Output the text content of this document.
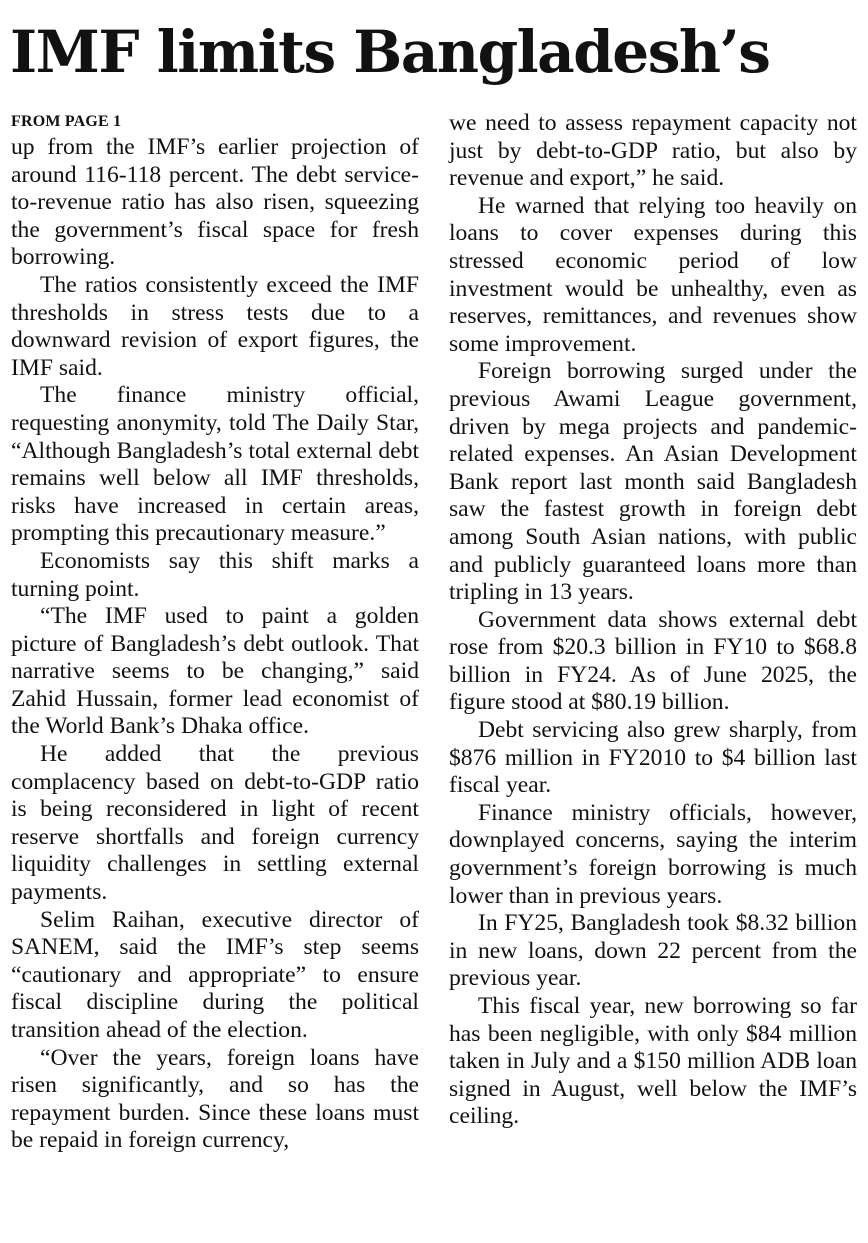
IMF limits Bangladesh’s
FROM PAGE 1

up from the IMF’s earlier projection of around 116-118 percent. The debt service-to-revenue ratio has also risen, squeezing the government’s fiscal space for fresh borrowing.

The ratios consistently exceed the IMF thresholds in stress tests due to a downward revision of export figures, the IMF said.

The finance ministry official, requesting anonymity, told The Daily Star, “Although Bangladesh’s total external debt remains well below all IMF thresholds, risks have increased in certain areas, prompting this precautionary measure.”

Economists say this shift marks a turning point.

“The IMF used to paint a golden picture of Bangladesh’s debt outlook. That narrative seems to be changing,” said Zahid Hussain, former lead economist of the World Bank’s Dhaka office.

He added that the previous complacency based on debt-to-GDP ratio is being reconsidered in light of recent reserve shortfalls and foreign currency liquidity challenges in settling external payments.

Selim Raihan, executive director of SANEM, said the IMF’s step seems “cautionary and appropriate” to ensure fiscal discipline during the political transition ahead of the election.

“Over the years, foreign loans have risen significantly, and so has the repayment burden. Since these loans must be repaid in foreign currency,

we need to assess repayment capacity not just by debt-to-GDP ratio, but also by revenue and export,” he said.

He warned that relying too heavily on loans to cover expenses during this stressed economic period of low investment would be unhealthy, even as reserves, remittances, and revenues show some improvement.

Foreign borrowing surged under the previous Awami League government, driven by mega projects and pandemic-related expenses. An Asian Development Bank report last month said Bangladesh saw the fastest growth in foreign debt among South Asian nations, with public and publicly guaranteed loans more than tripling in 13 years.

Government data shows external debt rose from $20.3 billion in FY10 to $68.8 billion in FY24. As of June 2025, the figure stood at $80.19 billion.

Debt servicing also grew sharply, from $876 million in FY2010 to $4 billion last fiscal year.

Finance ministry officials, however, downplayed concerns, saying the interim government’s foreign borrowing is much lower than in previous years.

In FY25, Bangladesh took $8.32 billion in new loans, down 22 percent from the previous year.

This fiscal year, new borrowing so far has been negligible, with only $84 million taken in July and a $150 million ADB loan signed in August, well below the IMF’s ceiling.
